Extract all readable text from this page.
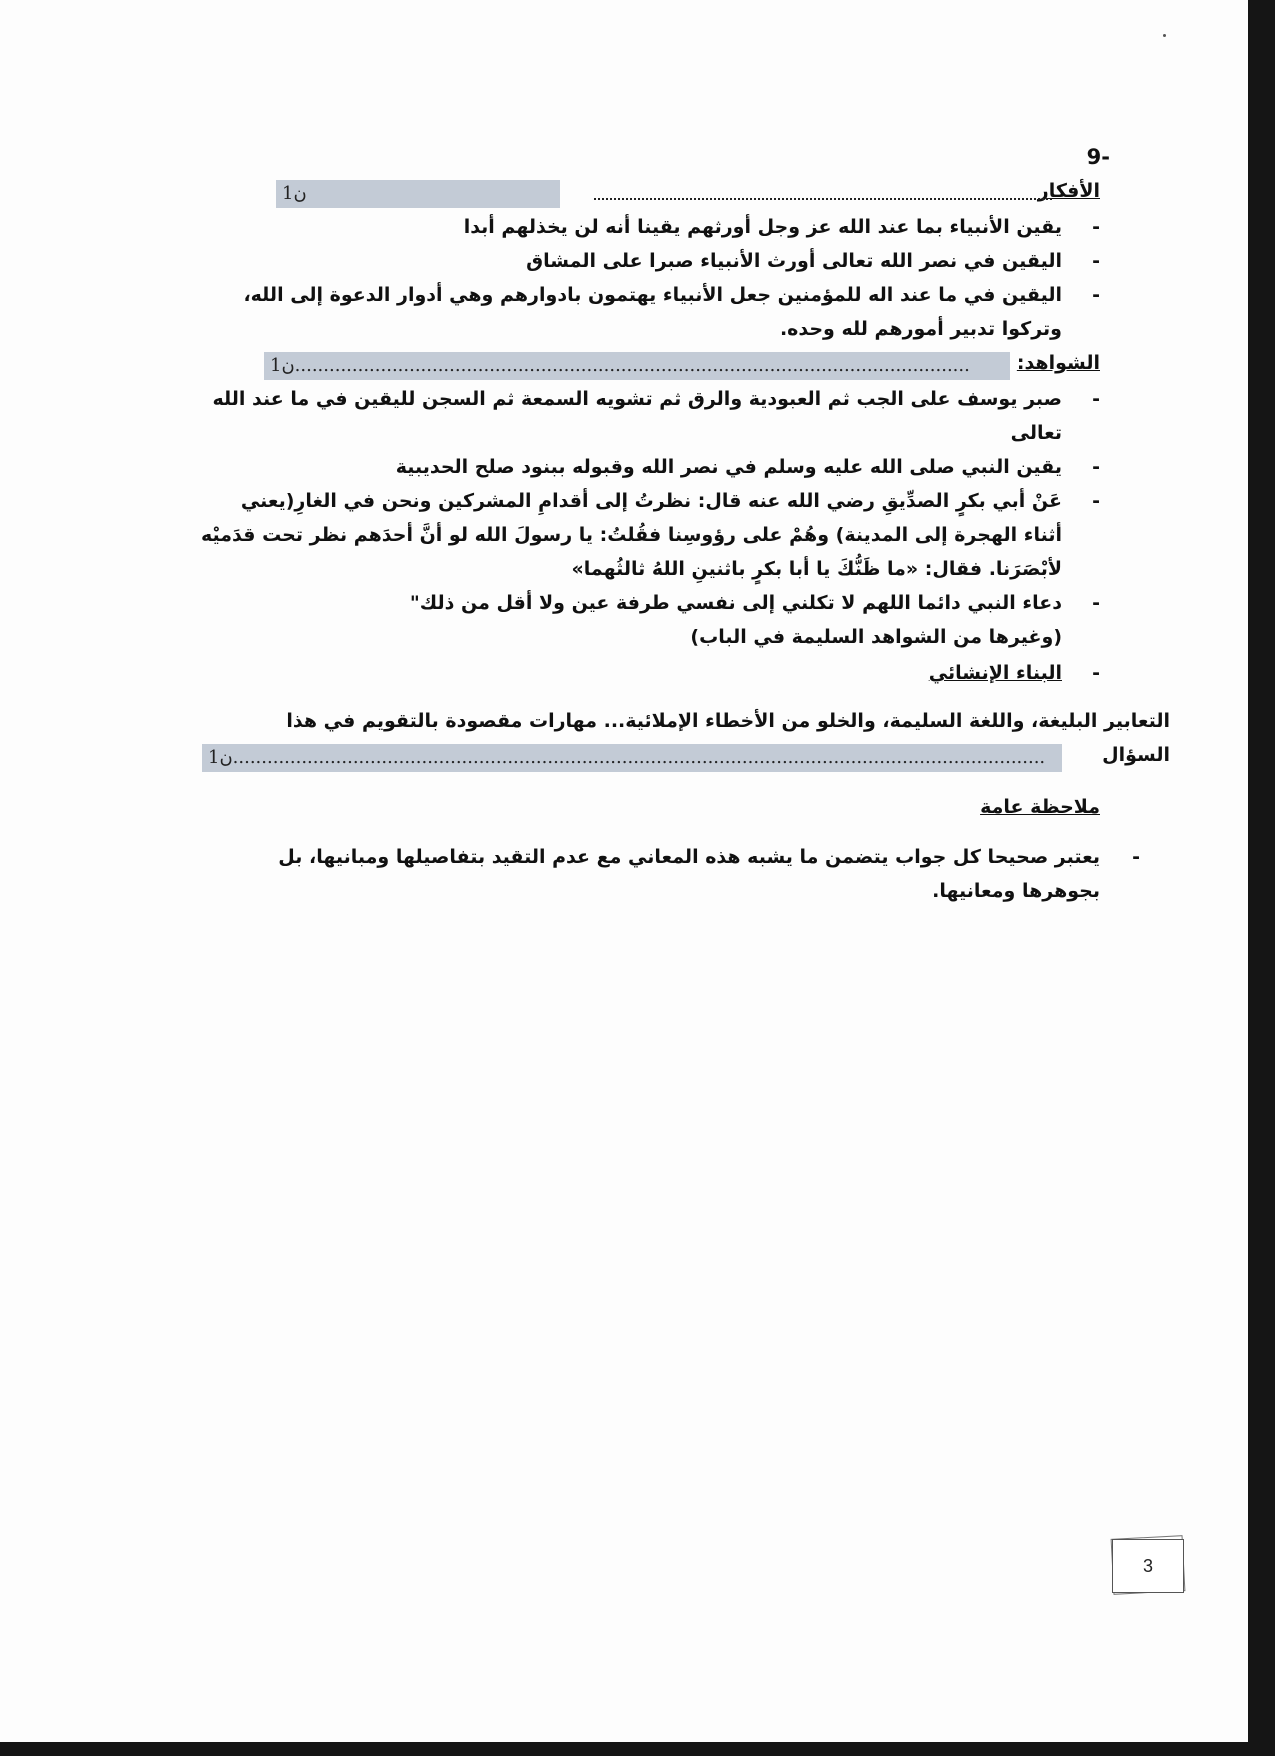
9-
الأفكار
1ن
- يقين الأنبياء بما عند الله عز وجل أورثهم يقينا أنه لن يخذلهم أبدا
- اليقين في نصر الله تعالى أورث الأنبياء صبرا على المشاق
- اليقين في ما عند اله للمؤمنين جعل الأنبياء يهتمون بادوارهم وهي أدوار الدعوة إلى الله، وتركوا تدبير أمورهم لله وحده.
الشواهد:
1ن......................................................................................................................
- صبر يوسف على الجب ثم العبودية والرق ثم تشويه السمعة ثم السجن لليقين في ما عند الله تعالى
- يقين النبي صلى الله عليه وسلم في نصر الله وقبوله ببنود صلح الحديبية
- عَنْ أبي بكرٍ الصدِّيقِ رضي الله عنه قال: نظرتُ إلى أقدامِ المشركين ونحن في الغارِ(يعني أثناء الهجرة إلى المدينة) وهُمْ على رؤوسِنا فقُلتُ: يا رسولَ الله لو أنَّ أحدَهم نظر تحت قدَميْه لأبْصَرَنا. فقال: «ما ظَنُّكَ يا أبا بكرٍ باثنينِ اللهُ ثالثُهما»
- دعاء النبي دائما اللهم لا تكلني إلى نفسي طرفة عين ولا أقل من ذلك"
(وغيرها من الشواهد السليمة في الباب)
- البناء الإنشائي
التعابير البليغة، واللغة السليمة، والخلو من الأخطاء الإملائية... مهارات مقصودة بالتقويم في هذا
السؤال
1ن..............................................................................................................................................
ملاحظة عامة
- يعتبر صحيحا كل جواب يتضمن ما يشبه هذه المعاني مع عدم التقيد بتفاصيلها ومبانيها، بل بجوهرها ومعانيها.
3
